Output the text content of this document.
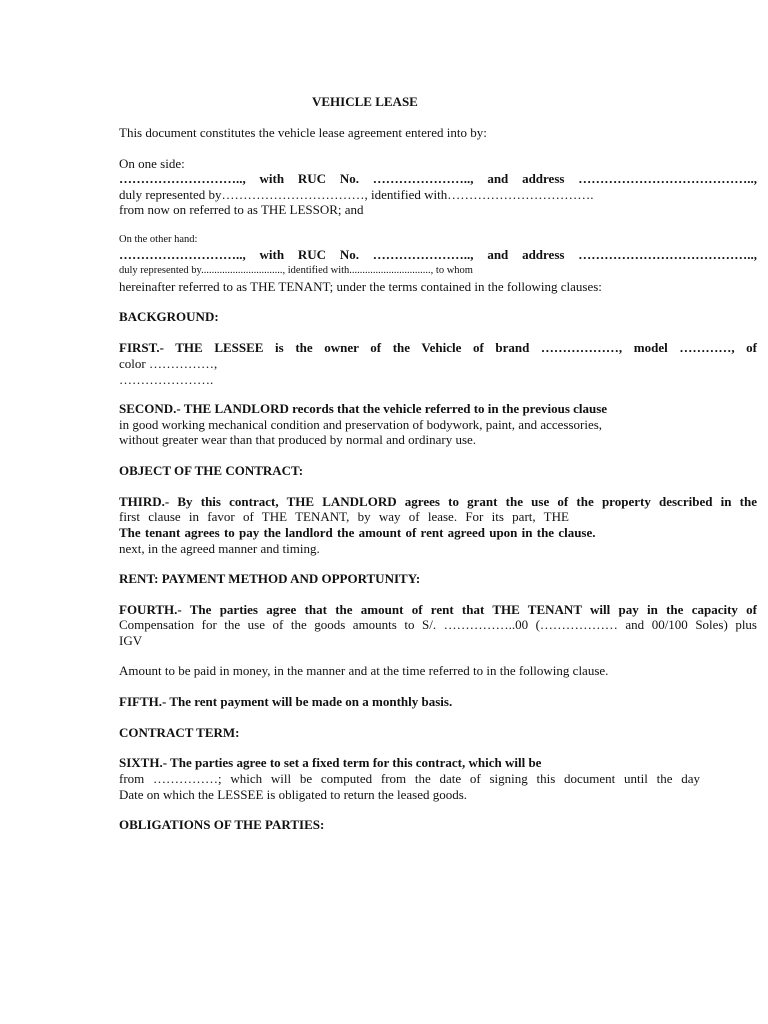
VEHICLE LEASE
This document constitutes the vehicle lease agreement entered into by:
On one side:
……………………….., with RUC No. ………………….., and address …………………………………..,
duly represented by……………………………, identified with…………………………….
from now on referred to as THE LESSOR; and
On the other hand:
……………………….., with RUC No. ………………….., and address …………………………………..,
duly represented by..............................., identified with..............................., to whom
hereinafter referred to as THE TENANT; under the terms contained in the following clauses:
BACKGROUND:
FIRST.- THE LESSEE is the owner of the Vehicle of brand ………………, model …………, of
color ……………,
………………….
SECOND.- THE LANDLORD records that the vehicle referred to in the previous clause
in good working mechanical condition and preservation of bodywork, paint, and accessories,
without greater wear than that produced by normal and ordinary use.
OBJECT OF THE CONTRACT:
THIRD.- By this contract, THE LANDLORD agrees to grant the use of the property described in the
first clause in favor of THE TENANT, by way of lease. For its part, THE
The tenant agrees to pay the landlord the amount of rent agreed upon in the clause.
next, in the agreed manner and timing.
RENT: PAYMENT METHOD AND OPPORTUNITY:
FOURTH.- The parties agree that the amount of rent that THE TENANT will pay in the capacity of
Compensation for the use of the goods amounts to S/. ……………..00 (……………… and 00/100 Soles) plus
IGV
Amount to be paid in money, in the manner and at the time referred to in the following clause.
FIFTH.- The rent payment will be made on a monthly basis.
CONTRACT TERM:
SIXTH.- The parties agree to set a fixed term for this contract, which will be
from ……………; which will be computed from the date of signing this document until the day
Date on which the LESSEE is obligated to return the leased goods.
OBLIGATIONS OF THE PARTIES:
